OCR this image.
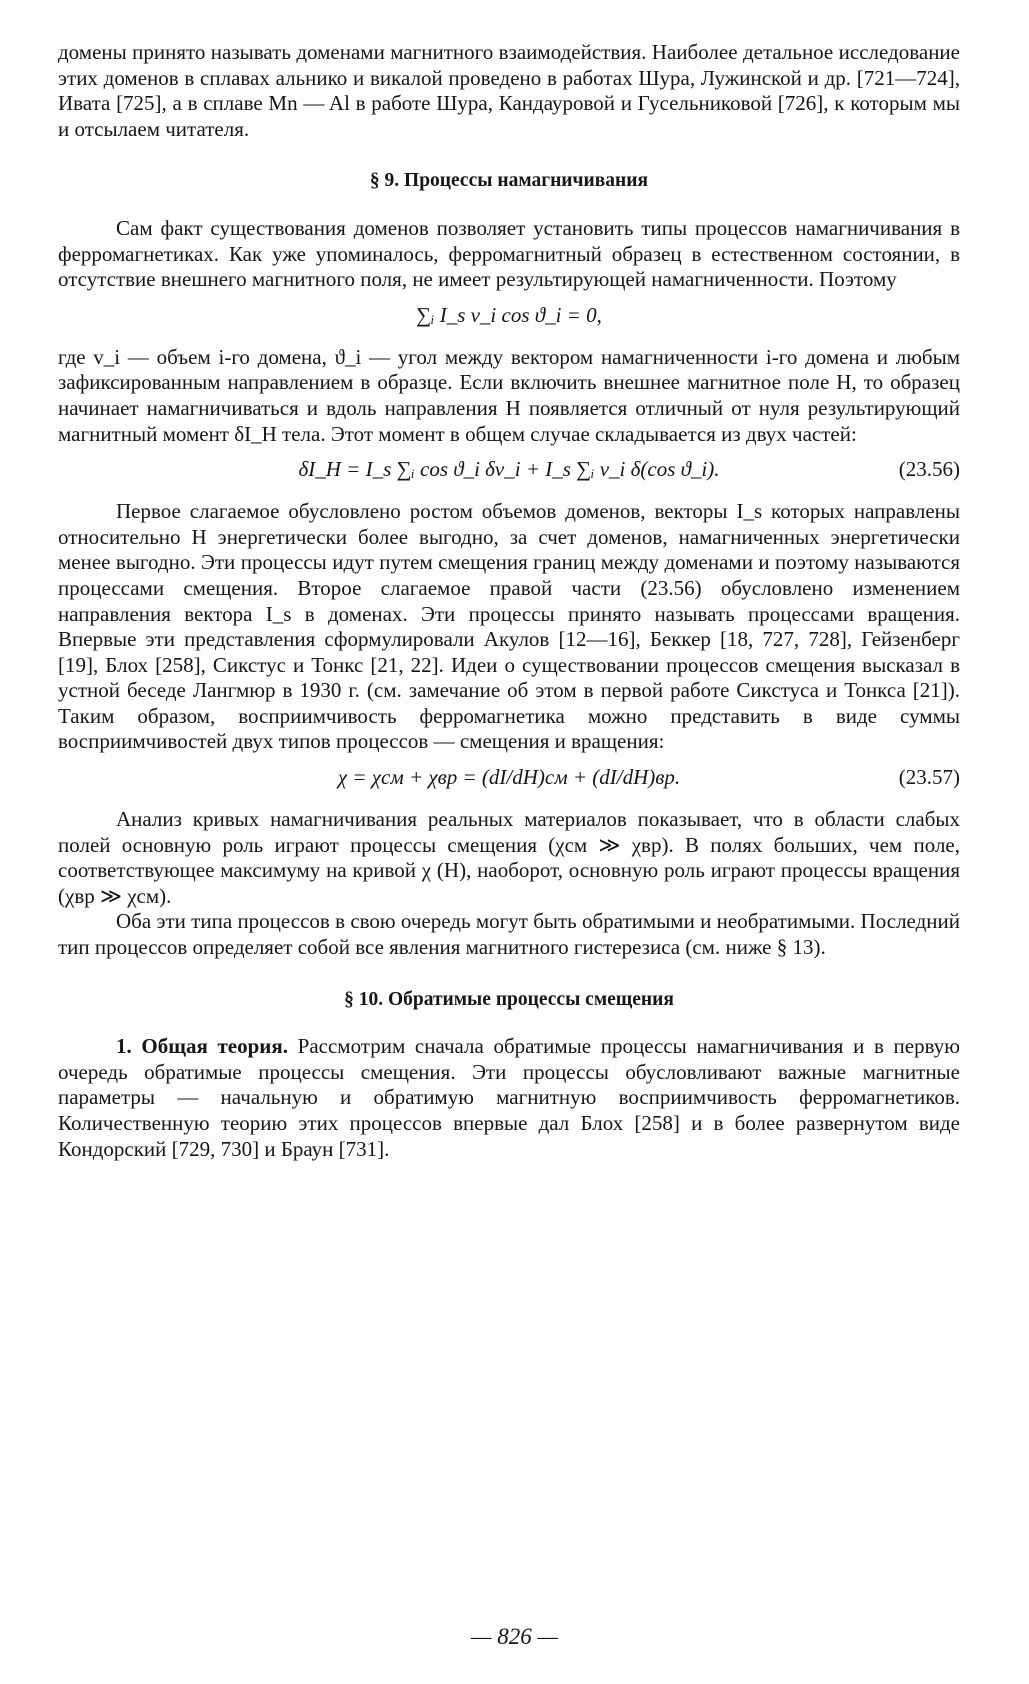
домены принято называть доменами магнитного взаимодействия. Наиболее детальное исследование этих доменов в сплавах альнико и викалой проведено в работах Шура, Лужинской и др. [721—724], Ивата [725], а в сплаве Mn — Al в работе Шура, Кандауровой и Гусельниковой [726], к которым мы и отсылаем читателя.

§ 9. Процессы намагничивания

Сам факт существования доменов позволяет установить типы процессов намагничивания в ферромагнетиках. Как уже упоминалось, ферромагнитный образец в естественном состоянии, в отсутствие внешнего магнитного поля, не имеет результирующей намагниченности. Поэтому

∑ᵢ I_s v_i cos ϑ_i = 0,

где v_i — объем i-го домена, ϑ_i — угол между вектором намагниченности i-го домена и любым зафиксированным направлением в образце. Если включить внешнее магнитное поле H, то образец начинает намагничиваться и вдоль направления H появляется отличный от нуля результирующий магнитный момент δI_H тела. Этот момент в общем случае складывается из двух частей:

δI_H = I_s ∑ᵢ cos ϑ_i δv_i + I_s ∑ᵢ v_i δ(cos ϑ_i).	(23.56)

Первое слагаемое обусловлено ростом объемов доменов, векторы I_s которых направлены относительно H энергетически более выгодно, за счет доменов, намагниченных энергетически менее выгодно. Эти процессы идут путем смещения границ между доменами и поэтому называются процессами смещения. Второе слагаемое правой части (23.56) обусловлено изменением направления вектора I_s в доменах. Эти процессы принято называть процессами вращения. Впервые эти представления сформулировали Акулов [12—16], Беккер [18, 727, 728], Гейзенберг [19], Блох [258], Сикстус и Тонкс [21, 22]. Идеи о существовании процессов смещения высказал в устной беседе Лангмюр в 1930 г. (см. замечание об этом в первой работе Сикстуса и Тонкса [21]). Таким образом, восприимчивость ферромагнетика можно представить в виде суммы восприимчивостей двух типов процессов — смещения и вращения:

χ = χсм + χвр = (dI/dH)см + (dI/dH)вр.	(23.57)

Анализ кривых намагничивания реальных материалов показывает, что в области слабых полей основную роль играют процессы смещения (χсм ≫ χвр). В полях больших, чем поле, соответствующее максимуму на кривой χ (H), наоборот, основную роль играют процессы вращения (χвр ≫ χсм).

Оба эти типа процессов в свою очередь могут быть обратимыми и необратимыми. Последний тип процессов определяет собой все явления магнитного гистерезиса (см. ниже § 13).

§ 10. Обратимые процессы смещения

1. Общая теория. Рассмотрим сначала обратимые процессы намагничивания и в первую очередь обратимые процессы смещения. Эти процессы обусловливают важные магнитные параметры — начальную и обратимую магнитную восприимчивость ферромагнетиков. Количественную теорию этих процессов впервые дал Блох [258] и в более развернутом виде Кондорский [729, 730] и Браун [731].

— 826 —
